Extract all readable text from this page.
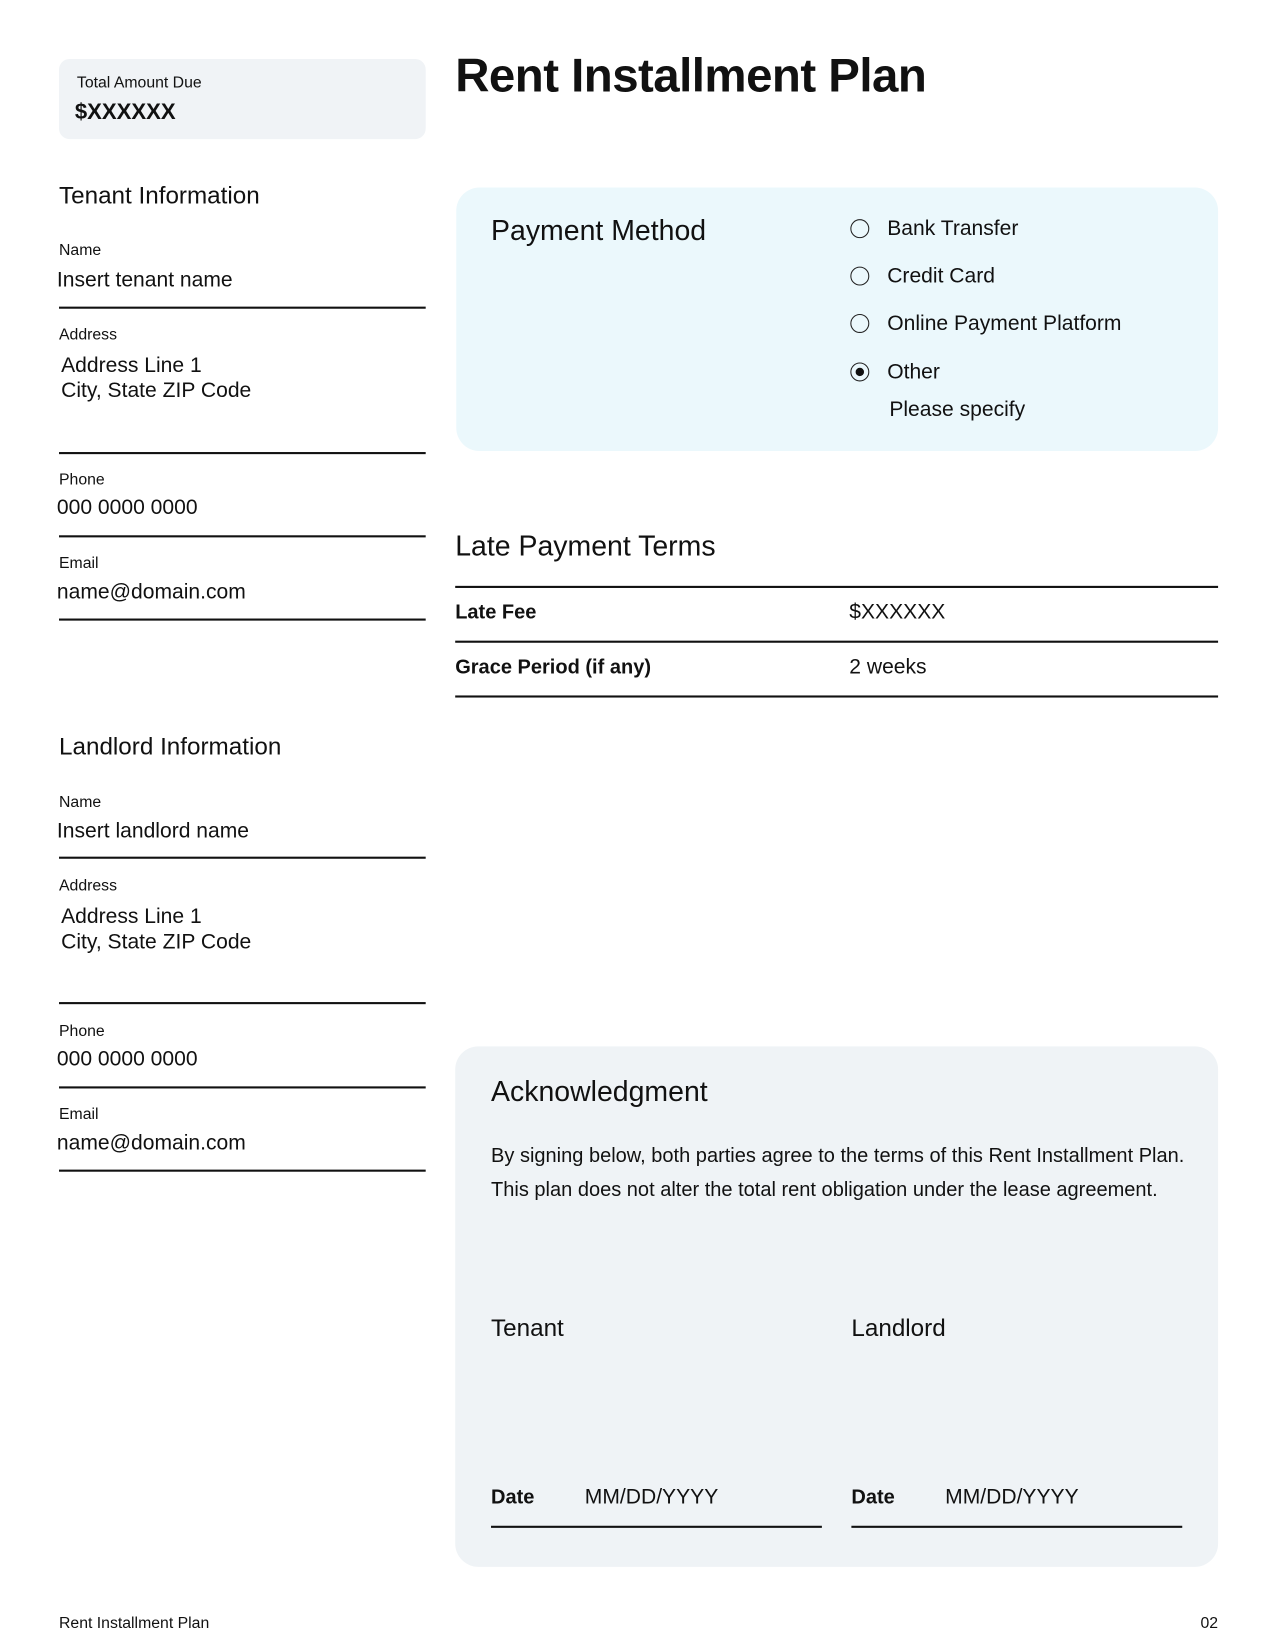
Total Amount Due
$XXXXXX
Rent Installment Plan
Tenant Information
Name
Insert tenant name
Address
Address Line 1
City, State ZIP Code
Phone
000 0000 0000
Email
name@domain.com
Landlord Information
Name
Insert landlord name
Address
Address Line 1
City, State ZIP Code
Phone
000 0000 0000
Email
name@domain.com
Payment Method	Bank Transfer
Credit Card
Online Payment Platform
Other
Please specify
Late Payment Terms
Late Fee	$XXXXXX
Grace Period (if any)	2 weeks
Acknowledgment
By signing below, both parties agree to the terms of this Rent Installment Plan. This plan does not alter the total rent obligation under the lease agreement.
Tenant	Landlord
Date	MM/DD/YYYY	Date	MM/DD/YYYY
Rent Installment Plan	02
